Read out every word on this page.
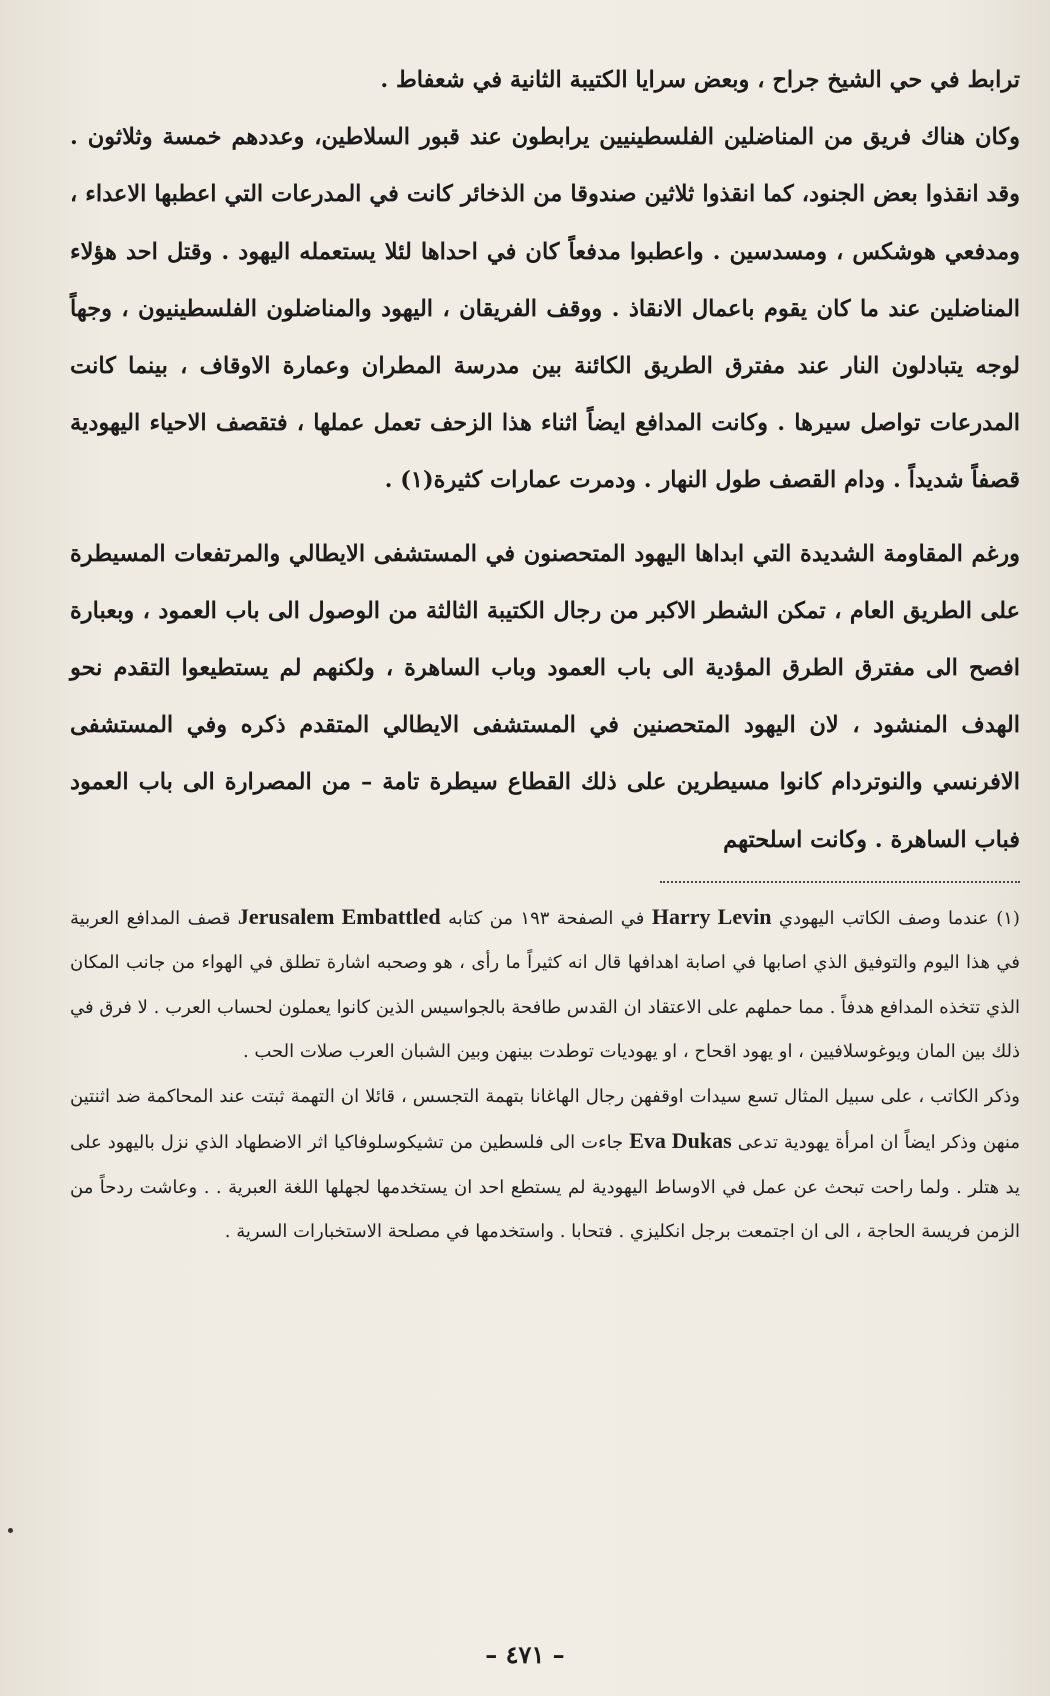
ترابط في حي الشيخ جراح ، وبعض سرايا الكتيبة الثانية في شعفاط .

وكان هناك فريق من المناضلين الفلسطينيين يرابطون عند قبور السلاطين، وعددهم خمسة وثلاثون . وقد انقذوا بعض الجنود، كما انقذوا ثلاثين صندوقا من الذخائر كانت في المدرعات التي اعطبها الاعداء ، ومدفعي هوشكس ، ومسدسين . واعطبوا مدفعاً كان في احداها لئلا يستعمله اليهود . وقتل احد هؤلاء المناضلين عند ما كان يقوم باعمال الانقاذ . ووقف الفريقان ، اليهود والمناضلون الفلسطينيون ، وجهاً لوجه يتبادلون النار عند مفترق الطريق الكائنة بين مدرسة المطران وعمارة الاوقاف ، بينما كانت المدرعات تواصل سيرها . وكانت المدافع ايضاً اثناء هذا الزحف تعمل عملها ، فتقصف الاحياء اليهودية قصفاً شديداً . ودام القصف طول النهار . ودمرت عمارات كثيرة(١) .

ورغم المقاومة الشديدة التي ابداها اليهود المتحصنون في المستشفى الايطالي والمرتفعات المسيطرة على الطريق العام ، تمكن الشطر الاكبر من رجال الكتيبة الثالثة من الوصول الى باب العمود ، وبعبارة افصح الى مفترق الطرق المؤدية الى باب العمود وباب الساهرة ، ولكنهم لم يستطيعوا التقدم نحو الهدف المنشود ، لان اليهود المتحصنين في المستشفى الايطالي المتقدم ذكره وفي المستشفى الافرنسي والنوتردام كانوا مسيطرين على ذلك القطاع سيطرة تامة – من المصرارة الى باب العمود فباب الساهرة . وكانت اسلحتهم

(١) عندما وصف الكاتب اليهودي Harry Levin في الصفحة ١٩٣ من كتابه Jerusalem Embattled قصف المدافع العربية في هذا اليوم والتوفيق الذي اصابها في اصابة اهدافها قال انه كثيراً ما رأى ، هو وصحبه اشارة تطلق في الهواء من جانب المكان الذي تتخذه المدافع هدفاً . مما حملهم على الاعتقاد ان القدس طافحة بالجواسيس الذين كانوا يعملون لحساب العرب . لا فرق في ذلك بين المان ويوغوسلافيين ، او يهود اقحاح ، او يهوديات توطدت بينهن وبين الشبان العرب صلات الحب .

وذكر الكاتب ، على سبيل المثال تسع سيدات اوقفهن رجال الهاغانا بتهمة التجسس ، قائلا ان التهمة ثبتت عند المحاكمة ضد اثنتين منهن وذكر ايضاً ان امرأة يهودية تدعى Eva Dukas جاءت الى فلسطين من تشيكوسلوفاكيا اثر الاضطهاد الذي نزل باليهود على يد هتلر . ولما راحت تبحث عن عمل في الاوساط اليهودية لم يستطع احد ان يستخدمها لجهلها اللغة العبرية . . وعاشت ردحاً من الزمن فريسة الحاجة ، الى ان اجتمعت برجل انكليزي . فتحابا . واستخدمها في مصلحة الاستخبارات السرية .

– ٤٧١ –
